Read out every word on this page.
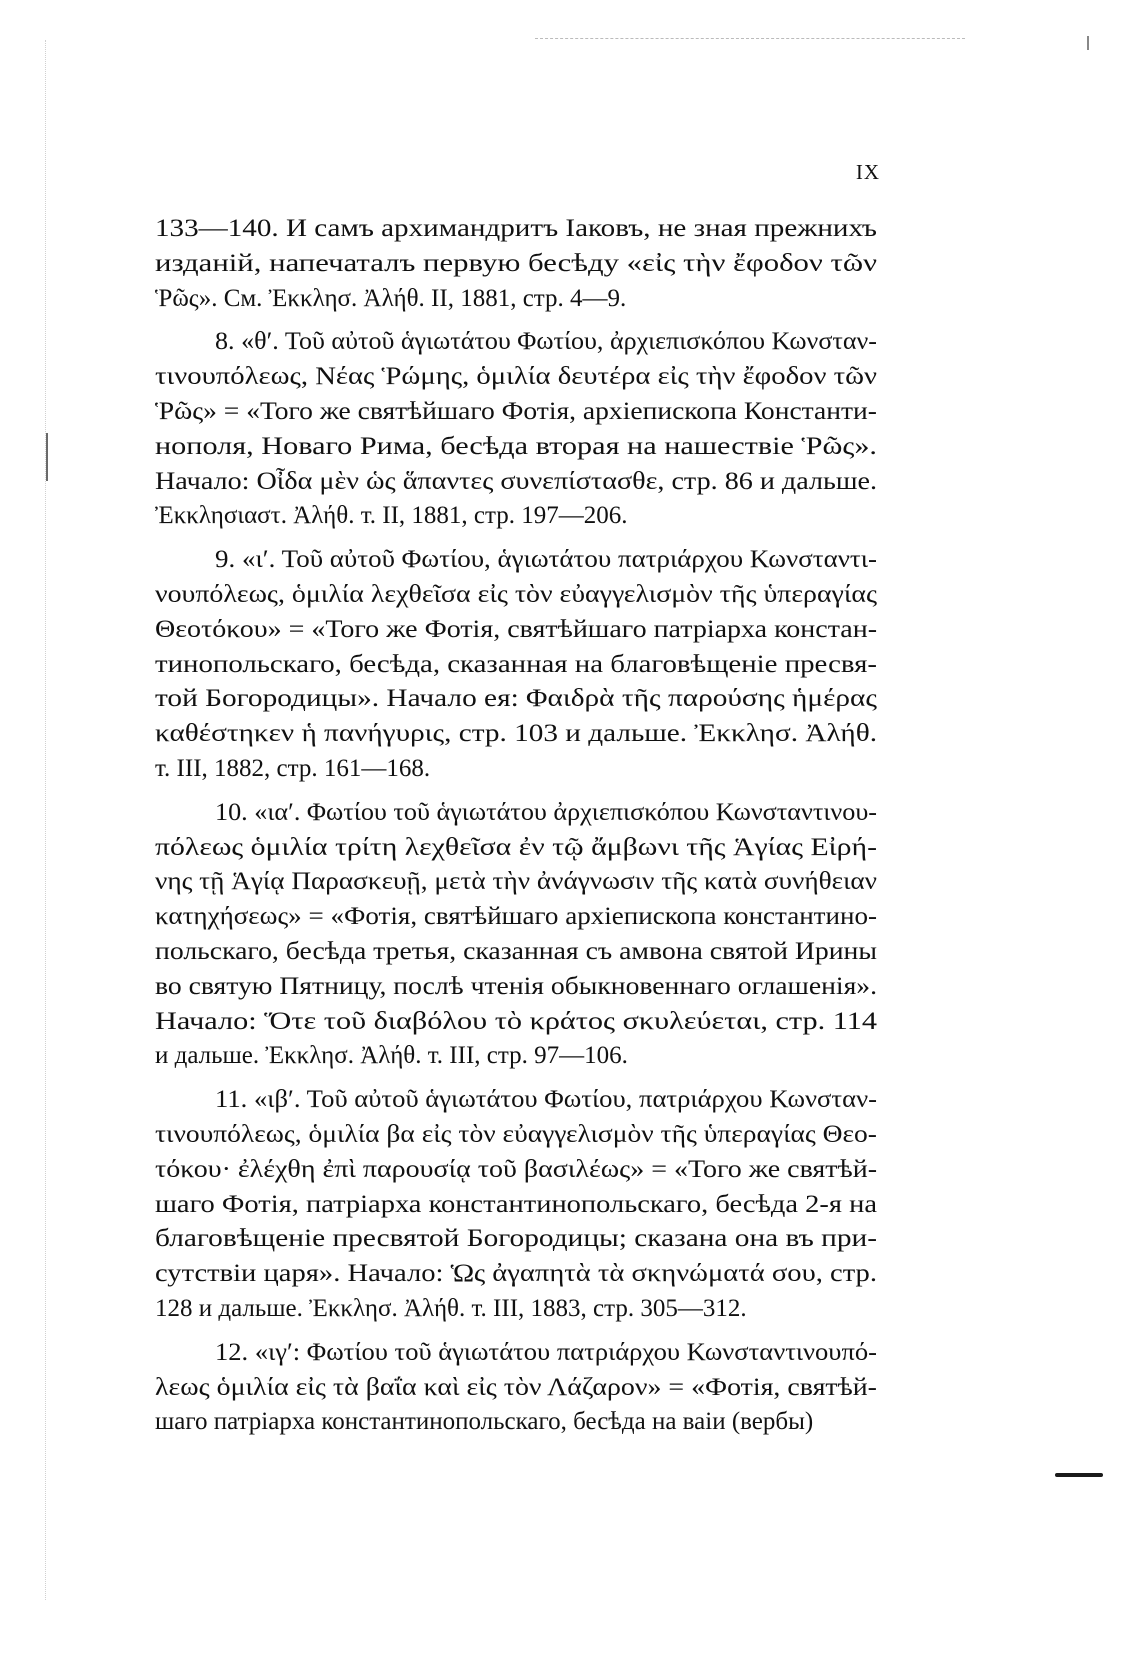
IX
133—140. И самъ архимандритъ Іаковъ, не зная прежнихъ
изданій, напечаталъ первую бесѣду «εἰς τὴν ἔφοδον τῶν
Ῥῶς». См. Ἐκκλησ. Ἀλήθ. II, 1881, стр. 4—9.
8. «θʹ. Τοῦ αὐτοῦ ἁγιωτάτου Φωτίου, ἀρχιεπισκόπου Κωνσταν-
τινουπόλεως, Νέας Ῥώμης, ὁμιλία δευτέρα εἰς τὴν ἔφοδον τῶν
Ῥῶς» = «Того же святѣйшаго Фотія, архіепископа Константи-
нополя, Новаго Рима, бесѣда вторая на нашествіе Ῥῶς».
Начало: Οἶδα μὲν ὡς ἅπαντες συνεπίστασθε, стр. 86 и дальше.
Ἐκκλησιαστ. Ἀλήθ. т. II, 1881, стр. 197—206.
9. «ιʹ. Τοῦ αὐτοῦ Φωτίου, ἁγιωτάτου πατριάρχου Κωνσταντι-
νουπόλεως, ὁμιλία λεχθεῖσα εἰς τὸν εὐαγγελισμὸν τῆς ὑπεραγίας
Θεοτόκου» = «Того же Фотія, святѣйшаго патріарха констан-
тинопольскаго, бесѣда, сказанная на благовѣщеніе пресвя-
той Богородицы». Начало ея: Φαιδρὰ τῆς παρούσης ἡμέρας
καθέστηκεν ἡ πανήγυρις, стр. 103 и дальше. Ἐκκλησ. Ἀλήθ.
т. III, 1882, стр. 161—168.
10. «ιαʹ. Φωτίου τοῦ ἁγιωτάτου ἀρχιεπισκόπου Κωνσταντινου-
πόλεως ὁμιλία τρίτη λεχθεῖσα ἐν τῷ ἄμβωνι τῆς Ἁγίας Εἰρή-
νης τῇ Ἁγίᾳ Παρασκευῇ, μετὰ τὴν ἀνάγνωσιν τῆς κατὰ συνήθειαν
κατηχήσεως» = «Фотія, святѣйшаго архіепископа константино-
польскаго, бесѣда третья, сказанная съ амвона святой Ирины
во святую Пятницу, послѣ чтенія обыкновеннаго оглашенія».
Начало: Ὅτε τοῦ διαβόλου τὸ κράτος σκυλεύεται, стр. 114
и дальше. Ἐκκλησ. Ἀλήθ. т. III, стр. 97—106.
11. «ιβʹ. Τοῦ αὐτοῦ ἁγιωτάτου Φωτίου, πατριάρχου Κωνσταν-
τινουπόλεως, ὁμιλία βα εἰς τὸν εὐαγγελισμὸν τῆς ὑπεραγίας Θεο-
τόκου· ἐλέχθη ἐπὶ παρουσίᾳ τοῦ βασιλέως» = «Того же святѣй-
шаго Фотія, патріарха константинопольскаго, бесѣда 2-я на
благовѣщеніе пресвятой Богородицы; сказана она въ при-
сутствіи царя». Начало: Ὡς ἀγαπητὰ τὰ σκηνώματά σου, стр.
128 и дальше. Ἐκκλησ. Ἀλήθ. т. III, 1883, стр. 305—312.
12. «ιγʹ: Φωτίου τοῦ ἁγιωτάτου πατριάρχου Κωνσταντινουπό-
λεως ὁμιλία εἰς τὰ βαΐα καὶ εἰς τὸν Λάζαρον» = «Фотія, святѣй-
шаго патріарха константинопольскаго, бесѣда на ваіи (вербы)
